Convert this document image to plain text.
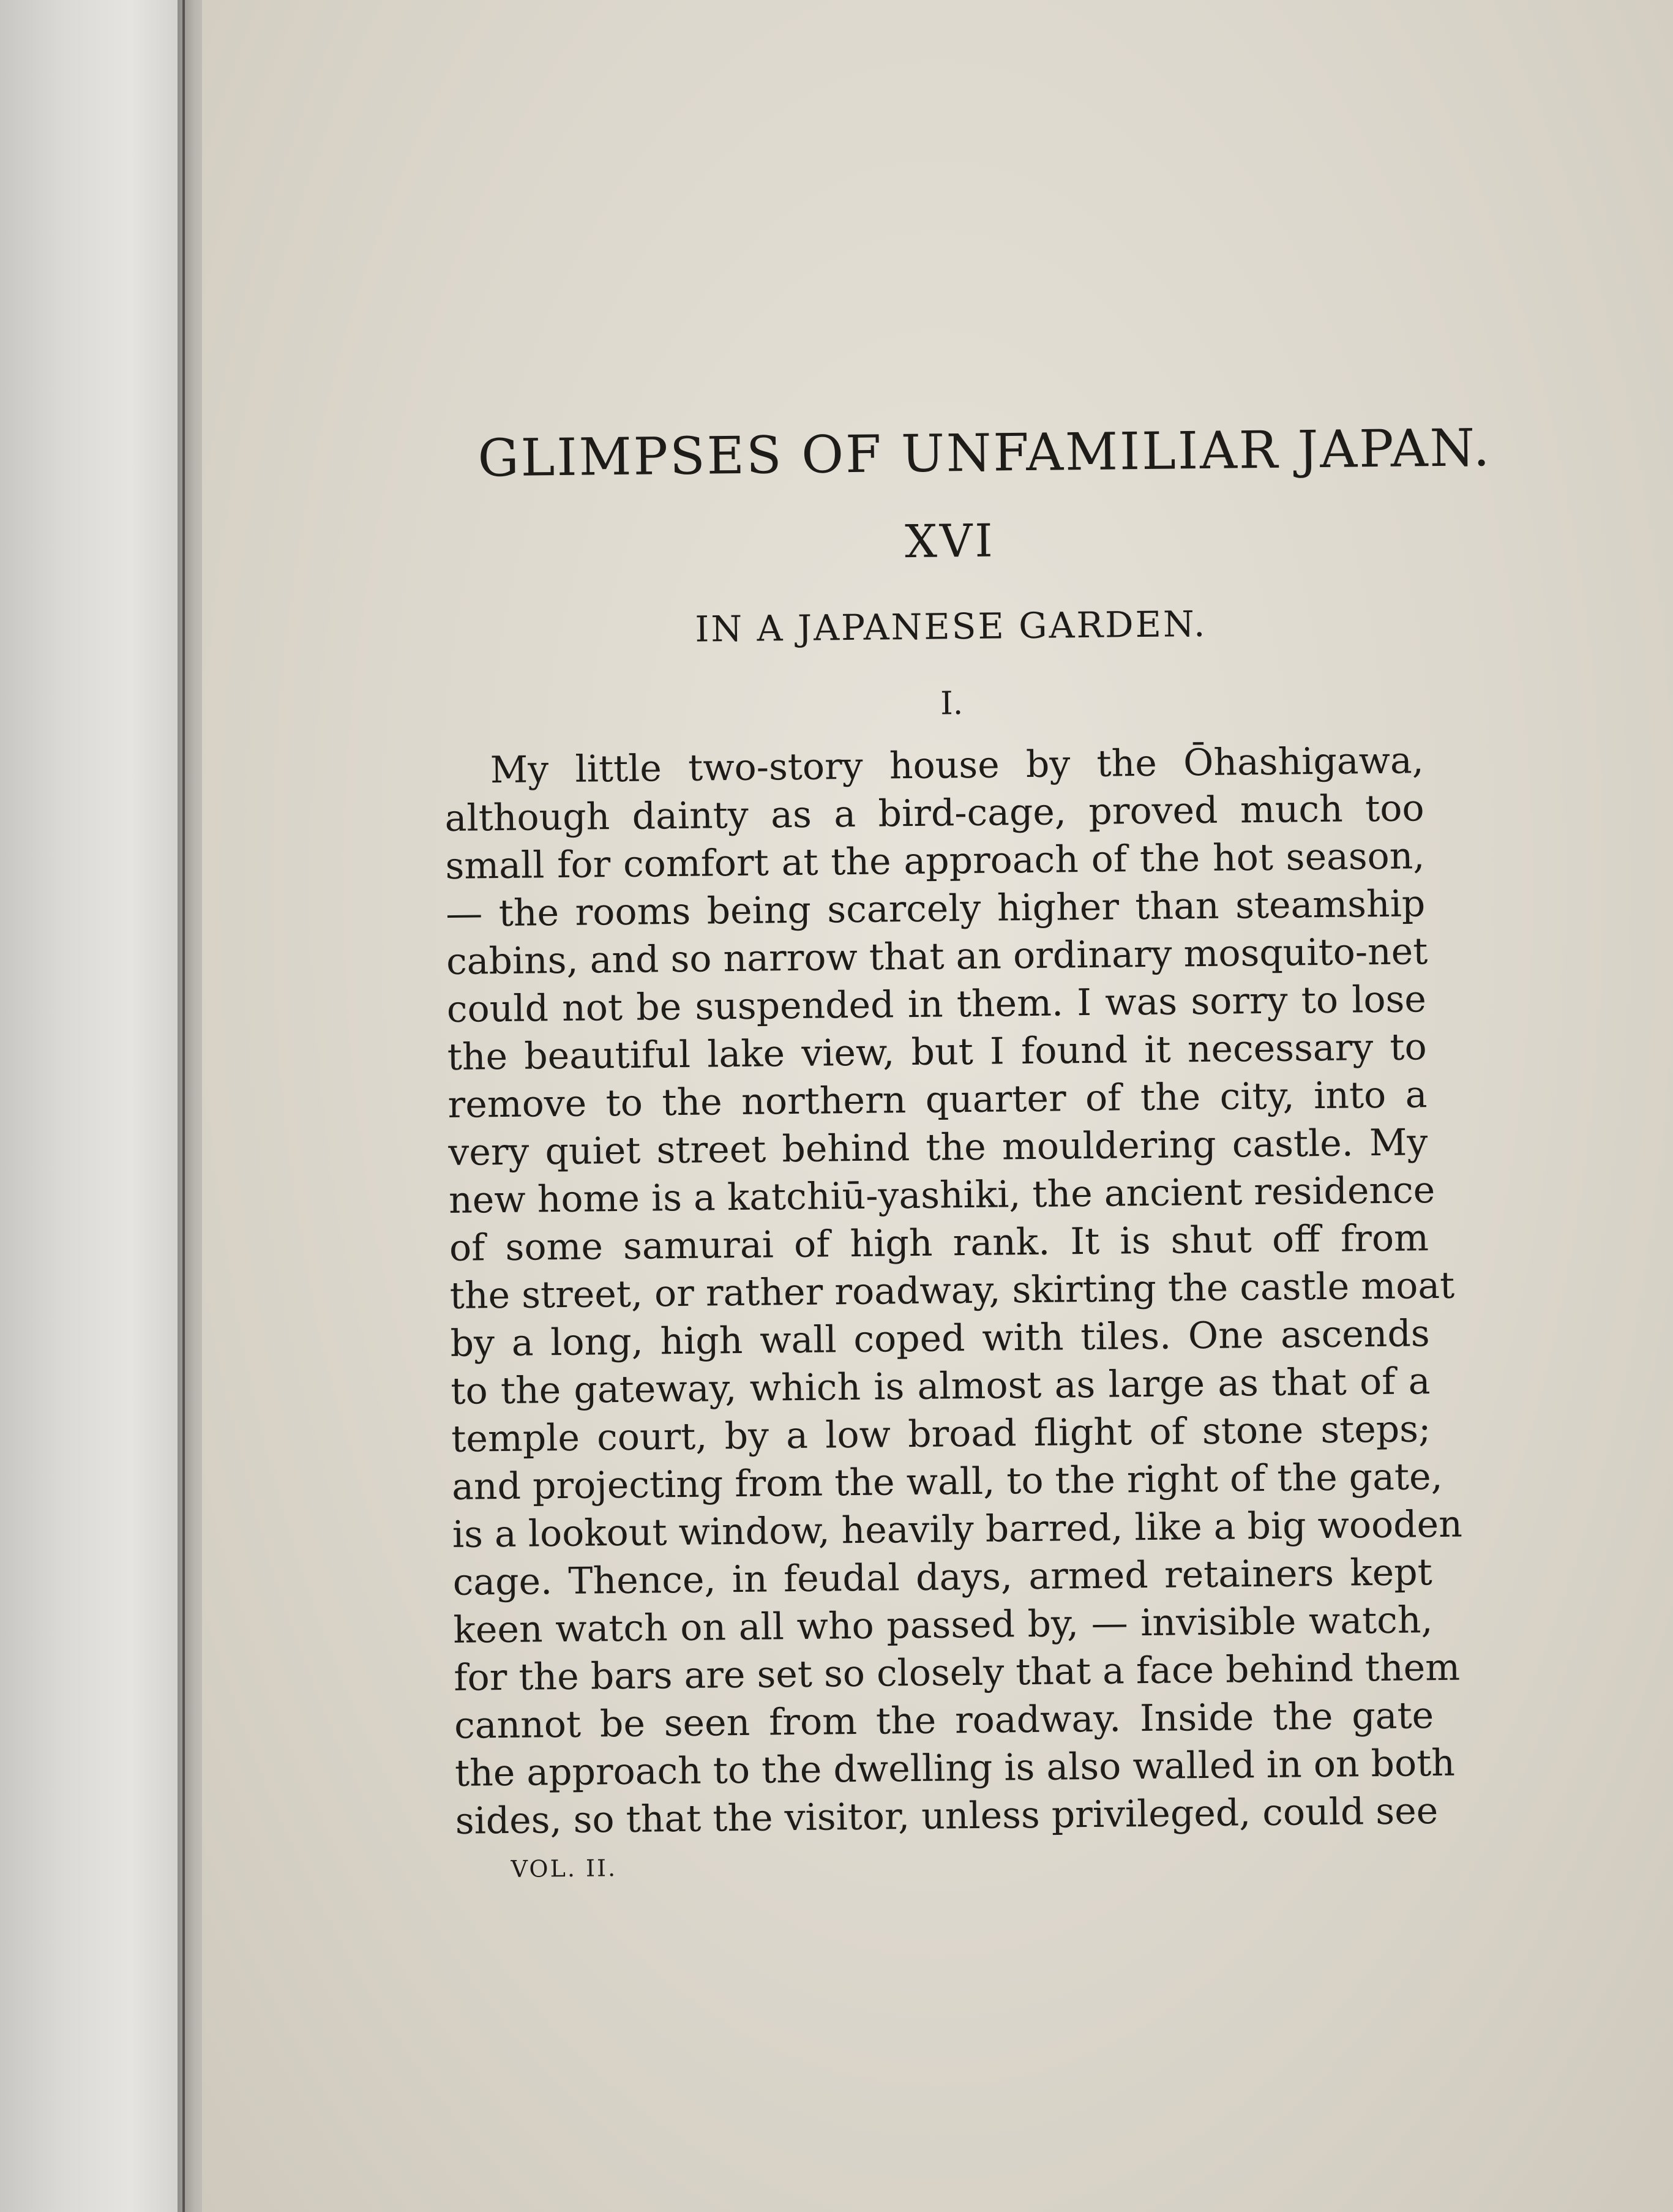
GLIMPSES OF UNFAMILIAR JAPAN.
XVI
IN A JAPANESE GARDEN.
I.
My little two-story house by the Ōhashigawa,
although dainty as a bird-cage, proved much too
small for comfort at the approach of the hot season,
— the rooms being scarcely higher than steamship
cabins, and so narrow that an ordinary mosquito-net
could not be suspended in them. I was sorry to lose
the beautiful lake view, but I found it necessary to
remove to the northern quarter of the city, into a
very quiet street behind the mouldering castle. My
new home is a katchiū-yashiki, the ancient residence
of some samurai of high rank. It is shut off from
the street, or rather roadway, skirting the castle moat
by a long, high wall coped with tiles. One ascends
to the gateway, which is almost as large as that of a
temple court, by a low broad flight of stone steps;
and projecting from the wall, to the right of the gate,
is a lookout window, heavily barred, like a big wooden
cage. Thence, in feudal days, armed retainers kept
keen watch on all who passed by, — invisible watch,
for the bars are set so closely that a face behind them
cannot be seen from the roadway. Inside the gate
the approach to the dwelling is also walled in on both
sides, so that the visitor, unless privileged, could see
VOL. II.
